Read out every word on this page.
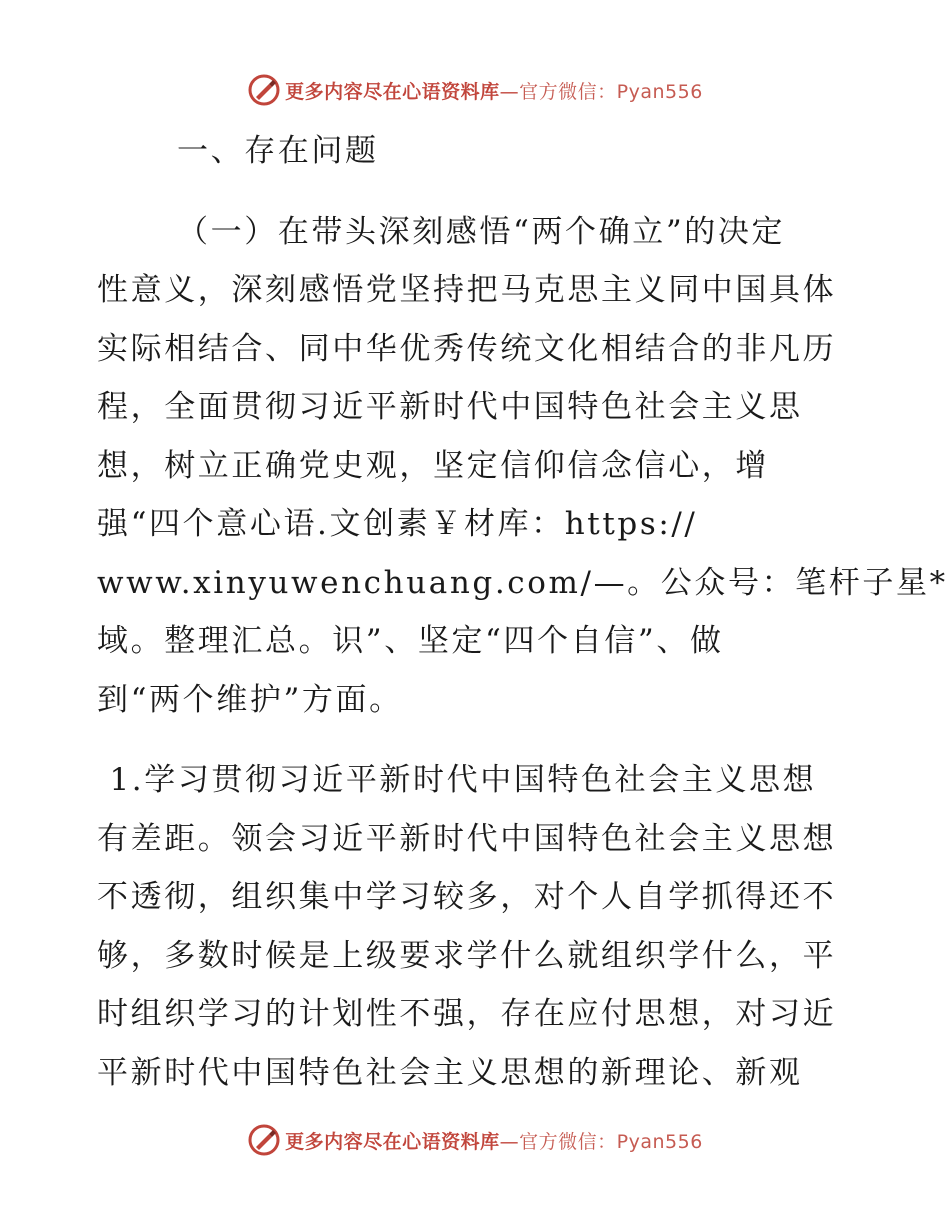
更多内容尽在心语资料库—官方微信：Pyan556
一、存在问题
（一）在带头深刻感悟“两个确立”的决定
性意义，深刻感悟党坚持把马克思主义同中国具体
实际相结合、同中华优秀传统文化相结合的非凡历
程，全面贯彻习近平新时代中国特色社会主义思
想，树立正确党史观，坚定信仰信念信心，增
强“四个意心语.文创素￥材库：https://
www.xinyuwenchuang.com/—。公众号：笔杆子星*
域。整理汇总。识”、坚定“四个自信”、做
到“两个维护”方面。
1.学习贯彻习近平新时代中国特色社会主义思想
有差距。领会习近平新时代中国特色社会主义思想
不透彻，组织集中学习较多，对个人自学抓得还不
够，多数时候是上级要求学什么就组织学什么，平
时组织学习的计划性不强，存在应付思想，对习近
平新时代中国特色社会主义思想的新理论、新观
更多内容尽在心语资料库—官方微信：Pyan556
